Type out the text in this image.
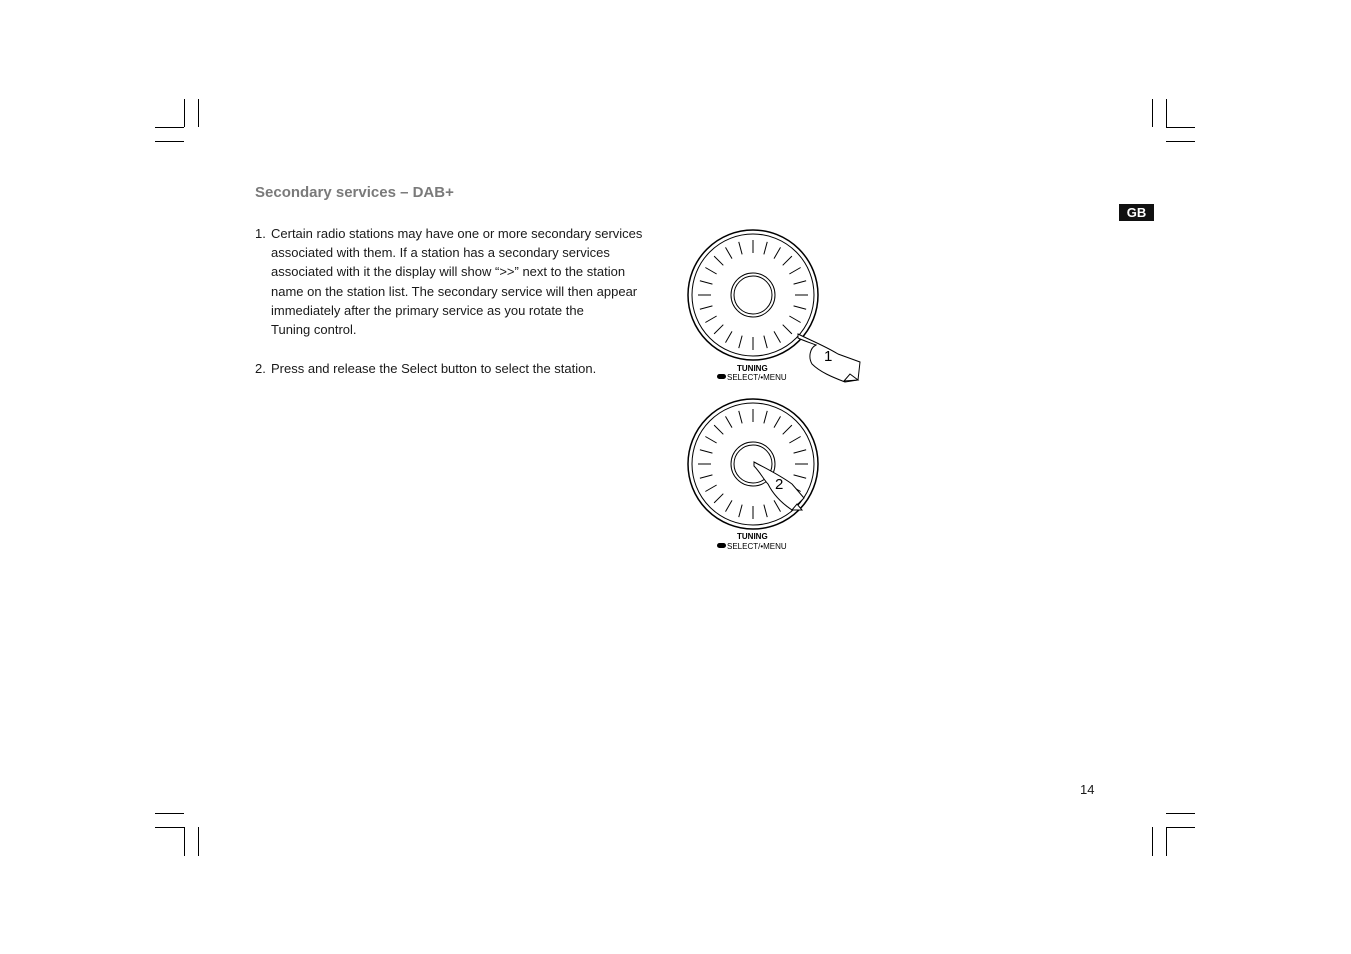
Secondary services – DAB+
GB
1. Certain radio stations may have one or more secondary services
associated with them. If a station has a secondary services
associated with it the display will show “>>” next to the station
name on the station list. The secondary service will then appear
immediately after the primary service as you rotate the
Tuning control.
2. Press and release the Select button to select the station.
1
TUNING
SELECT/•MENU
2
TUNING
SELECT/•MENU
14
